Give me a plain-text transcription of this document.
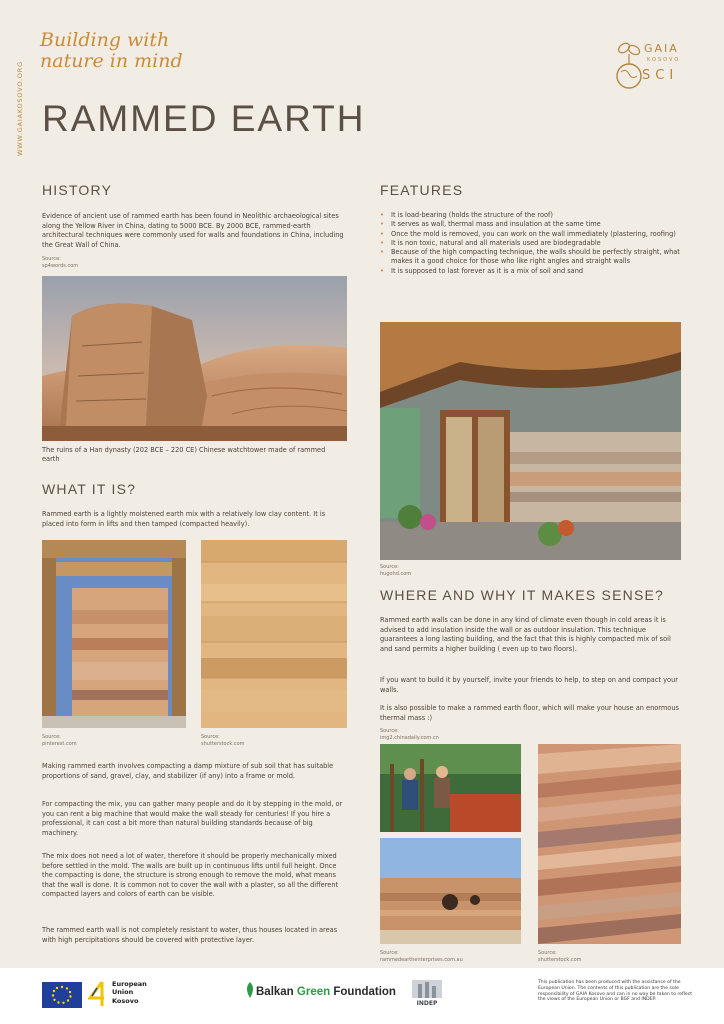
WWW.GAIAKOSOVO.ORG
Building with
nature in mind
RAMMED EARTH
GAIA
KOSOVO
SCI
HISTORY

Evidence of ancient use of rammed earth has been found in Neolithic archaeological sites along the Yellow River in China, dating to 5000 BCE. By 2000 BCE, rammed-earth architectural techniques were commonly used for walls and foundations in China, including the Great Wall of China.

Source:
sp4words.com
The ruins of a Han dynasty (202 BCE – 220 CE) Chinese watchtower made of rammed earth
FEATURES
• It is load-bearing (holds the structure of the roof)
• It serves as wall, thermal mass and insulation at the same time
• Once the mold is removed, you can work on the wall immediately (plastering, roofing)
• It is non toxic, natural and all materials used are biodegradable
• Because of the high compacting technique, the walls should be perfectly straight, what makes it a good choice for those who like right angles and straight walls
• It is supposed to last forever as it is a mix of soil and sand
Source:
hugohd.com
WHAT IT IS?

Rammed earth is a lightly moistened earth mix with a relatively low clay content. It is placed into form in lifts and then tamped (compacted heavily).

Source:
pinterest.com
Source:
shutterstock.com

Making rammed earth involves compacting a damp mixture of sub soil that has suitable proportions of sand, gravel, clay, and stabilizer (if any) into a frame or mold.

For compacting the mix, you can gather many people and do it by stepping in the mold, or you can rent a big machine that would make the wall steady for centuries! If you hire a professional, it can cost a bit more than natural building standards because of big machinery.

The mix does not need a lot of water, therefore it should be properly mechanically mixed before settled in the mold. The walls are built up in continuous lifts until full height. Once the compacting is done, the structure is strong enough to remove the mold, what means that the wall is done. It is common not to cover the wall with a plaster, so all the different compacted layers and colors of earth can be visible.

The rammed earth wall is not completely resistant to water, thus houses located in areas with high percipitations should be covered with protective layer.

WHERE AND WHY IT MAKES SENSE?

Rammed earth walls can be done in any kind of climate even though in cold areas it is advised to add insulation inside the wall or as outdoor insulation. This technique guarantees a long lasting building, and the fact that this is highly compacted mix of soil and sand permits a higher building ( even up to two floors).

If you want to build it by yourself, invite your friends to help, to step on and compact your walls.

It is also possible to make a rammed earth floor, which will make your house an enormous thermal mass :)

Source:
img2.chinadaily.com.cn
Source:
rammedearthenterprises.com.au
Source:
shutterstock.com
European
Union
Kosovo
Balkan Green Foundation
INDEP
This publication has been produced with the assistance of the European Union. The contents of this publication are the sole responsibility of GAIA Kosovo and can in no way be taken to reflect the views of the European Union or BGF and INDEP.
